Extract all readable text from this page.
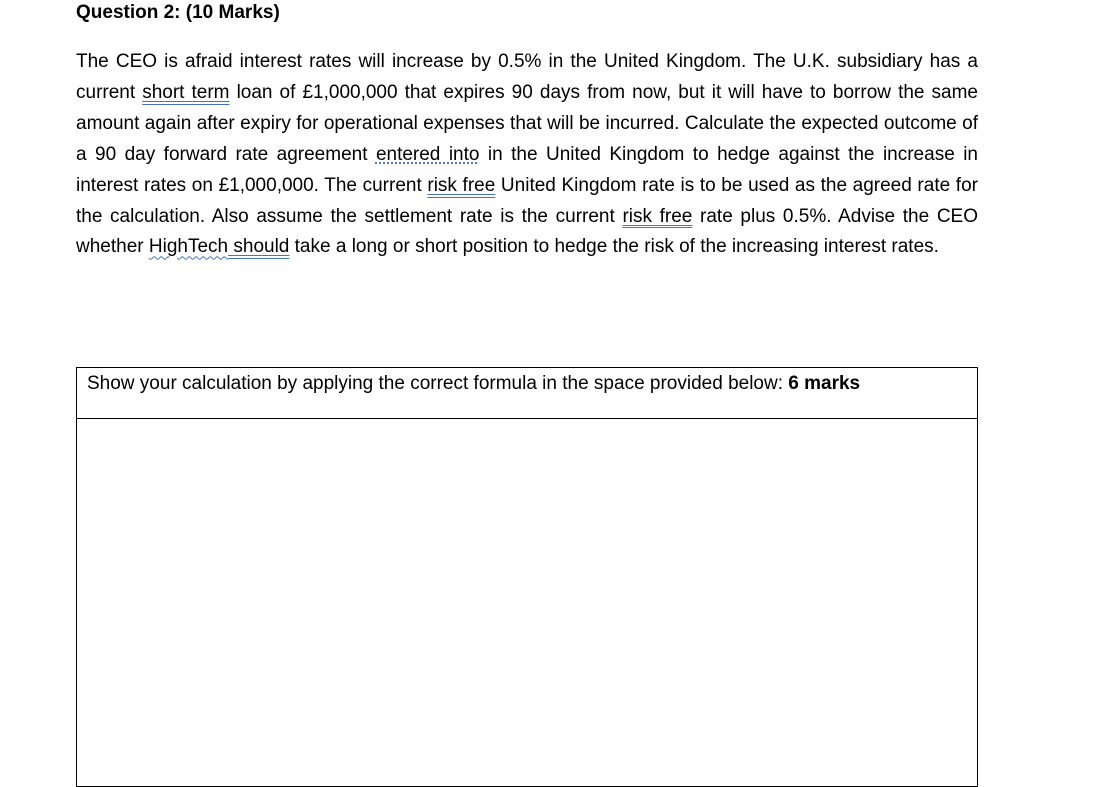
Question 2: (10 Marks)
The CEO is afraid interest rates will increase by 0.5% in the United Kingdom. The U.K. subsidiary has a current short term loan of £1,000,000 that expires 90 days from now, but it will have to borrow the same amount again after expiry for operational expenses that will be incurred. Calculate the expected outcome of a 90 day forward rate agreement entered into in the United Kingdom to hedge against the increase in interest rates on £1,000,000. The current risk free United Kingdom rate is to be used as the agreed rate for the calculation. Also assume the settlement rate is the current risk free rate plus 0.5%. Advise the CEO whether HighTech should take a long or short position to hedge the risk of the increasing interest rates.
Show your calculation by applying the correct formula in the space provided below: 6 marks
